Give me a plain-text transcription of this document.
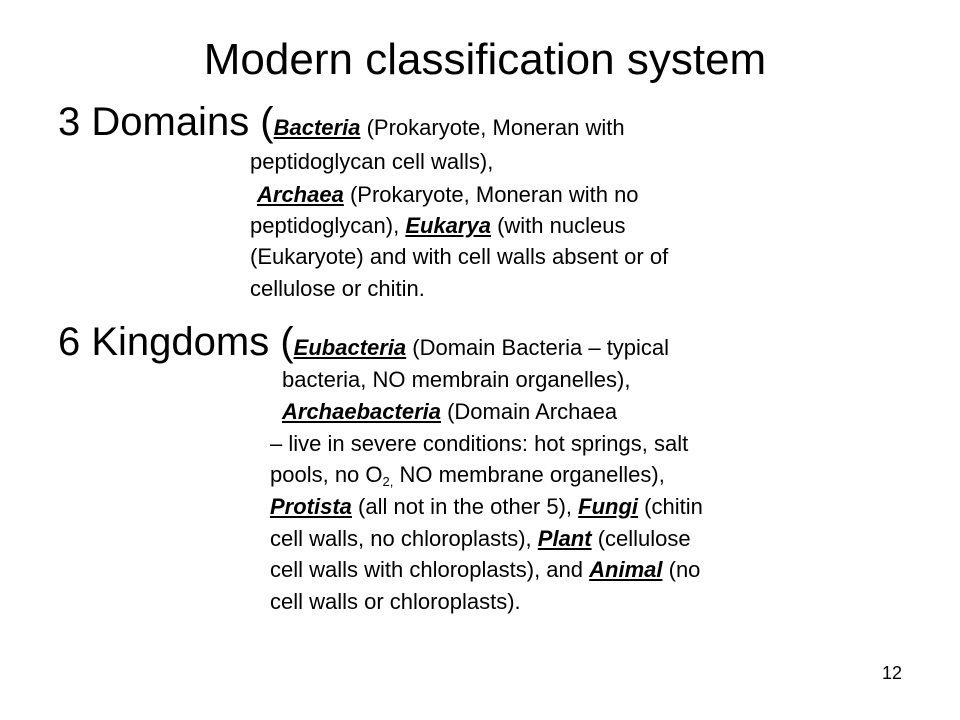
Modern classification system
3 Domains (Bacteria (Prokaryote, Moneran with
peptidoglycan cell walls),
Archaea (Prokaryote, Moneran with no
peptidoglycan), Eukarya (with nucleus
(Eukaryote) and with cell walls absent or of
cellulose or chitin.
6 Kingdoms (Eubacteria (Domain Bacteria – typical
bacteria, NO membrain organelles),
Archaebacteria (Domain Archaea
– live in severe conditions: hot springs, salt
pools, no O2, NO membrane organelles),
Protista (all not in the other 5), Fungi (chitin
cell walls, no chloroplasts), Plant (cellulose
cell walls with chloroplasts), and Animal (no
cell walls or chloroplasts).
12
